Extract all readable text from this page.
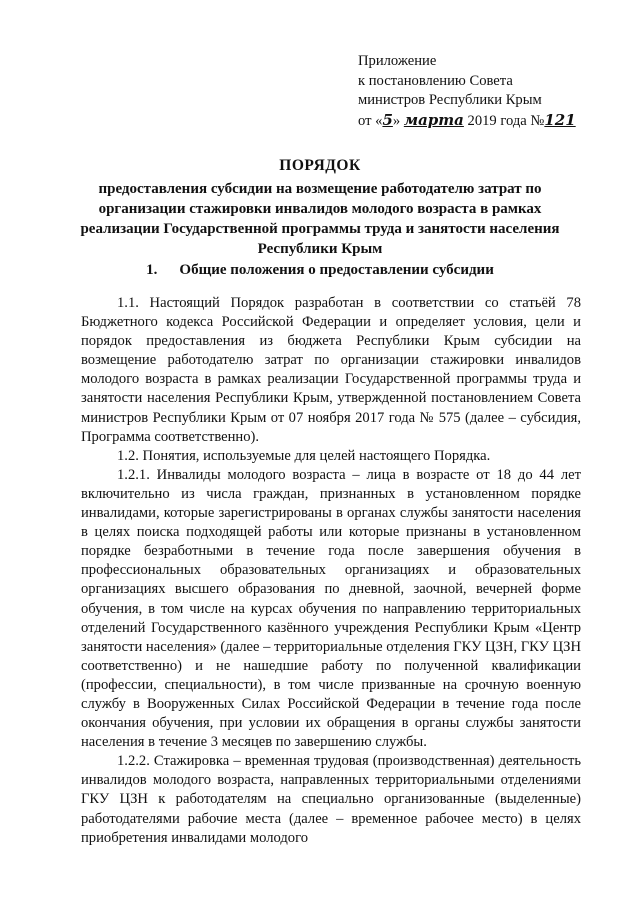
Приложение
к постановлению Совета
министров Республики Крым
от «5» марта 2019 года №121
ПОРЯДОК
предоставления субсидии на возмещение работодателю затрат по организации стажировки инвалидов молодого возраста в рамках реализации Государственной программы труда и занятости населения Республики Крым
1. Общие положения о предоставлении субсидии

1.1. Настоящий Порядок разработан в соответствии со статьёй 78 Бюджетного кодекса Российской Федерации и определяет условия, цели и порядок предоставления из бюджета Республики Крым субсидии на возмещение работодателю затрат по организации стажировки инвалидов молодого возраста в рамках реализации Государственной программы труда и занятости населения Республики Крым, утвержденной постановлением Совета министров Республики Крым от 07 ноября 2017 года № 575 (далее – субсидия, Программа соответственно).

1.2. Понятия, используемые для целей настоящего Порядка.

1.2.1. Инвалиды молодого возраста – лица в возрасте от 18 до 44 лет включительно из числа граждан, признанных в установленном порядке инвалидами, которые зарегистрированы в органах службы занятости населения в целях поиска подходящей работы или которые признаны в установленном порядке безработными в течение года после завершения обучения в профессиональных образовательных организациях и образовательных организациях высшего образования по дневной, заочной, вечерней форме обучения, в том числе на курсах обучения по направлению территориальных отделений Государственного казённого учреждения Республики Крым «Центр занятости населения» (далее – территориальные отделения ГКУ ЦЗН, ГКУ ЦЗН соответственно) и не нашедшие работу по полученной квалификации (профессии, специальности), в том числе призванные на срочную военную службу в Вооруженных Силах Российской Федерации в течение года после окончания обучения, при условии их обращения в органы службы занятости населения в течение 3 месяцев по завершению службы.

1.2.2. Стажировка – временная трудовая (производственная) деятельность инвалидов молодого возраста, направленных территориальными отделениями ГКУ ЦЗН к работодателям на специально организованные (выделенные) работодателями рабочие места (далее – временное рабочее место) в целях приобретения инвалидами молодого
